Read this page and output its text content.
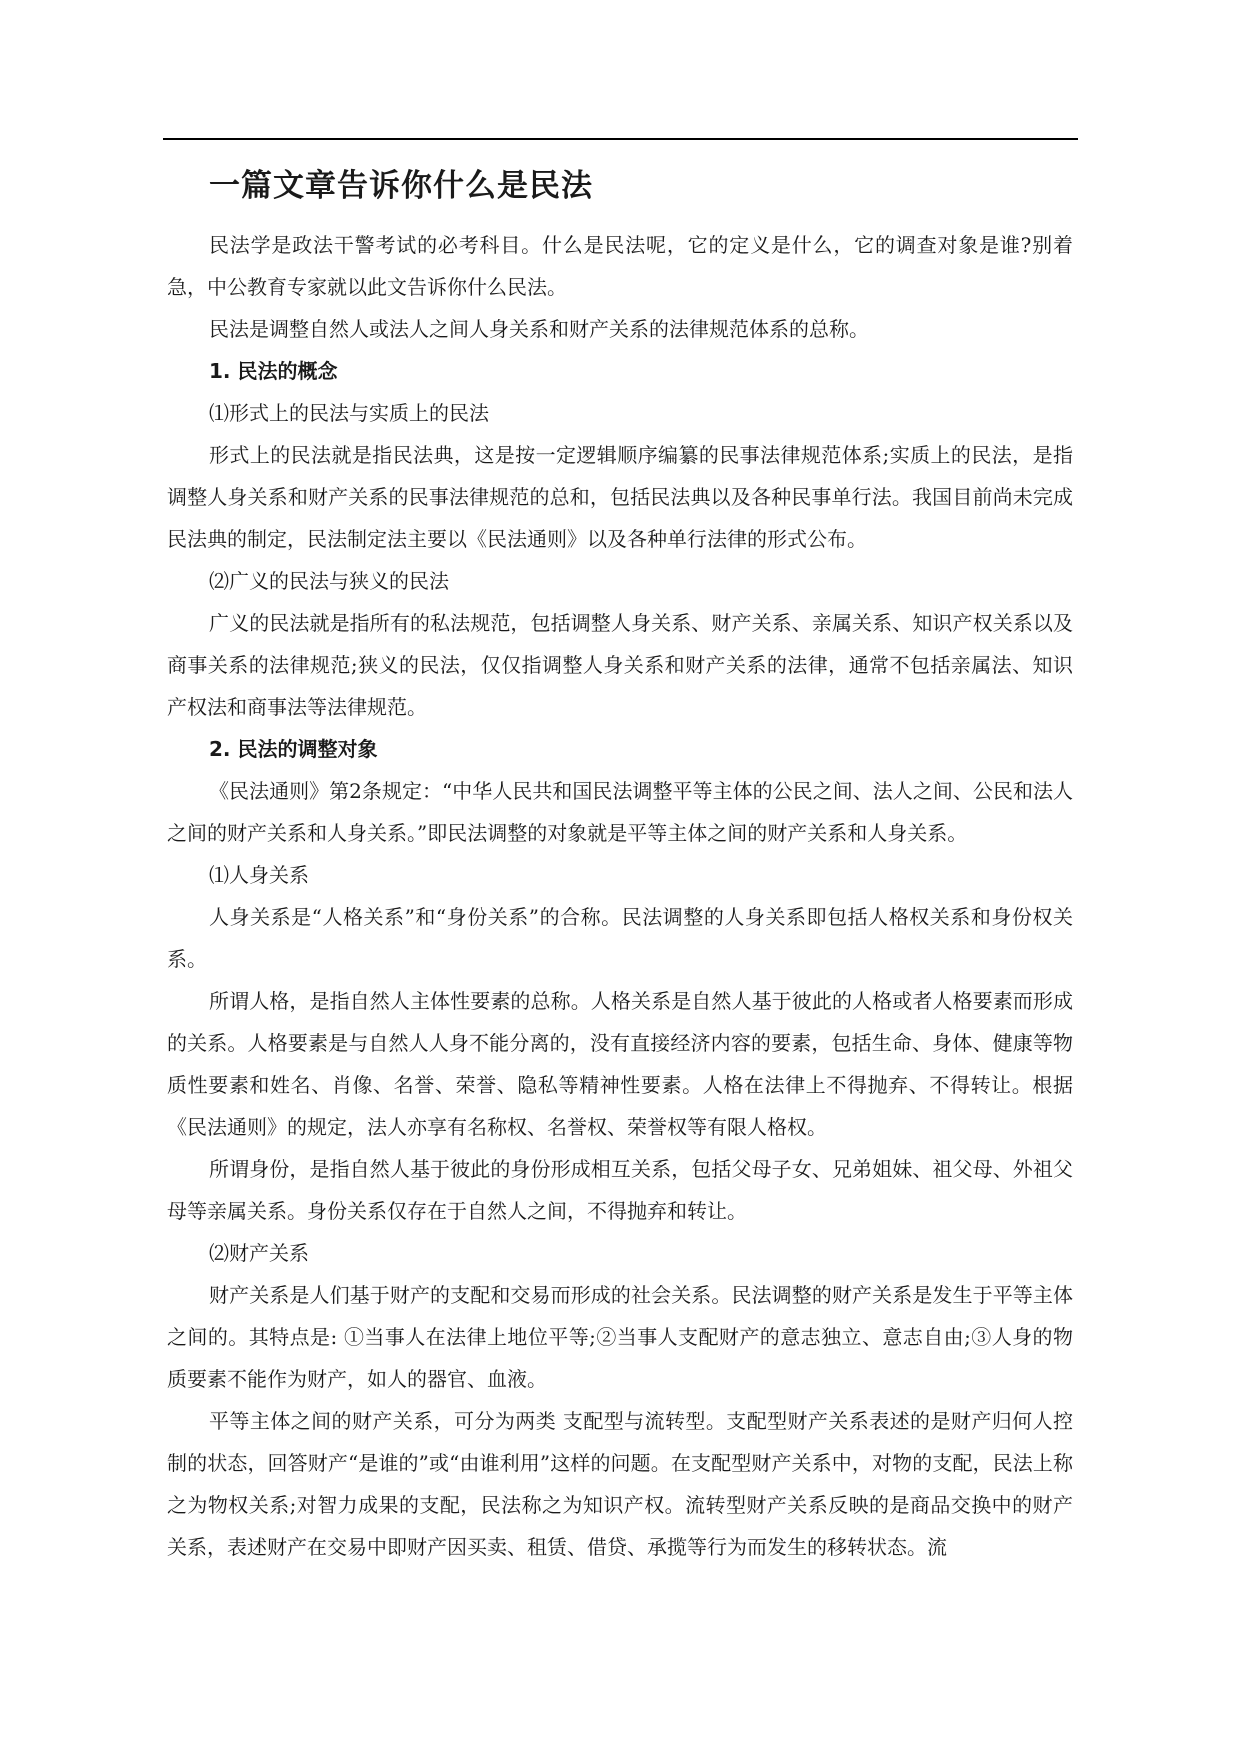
一篇文章告诉你什么是民法

民法学是政法干警考试的必考科目。什么是民法呢，它的定义是什么，它的调查对象是谁?别着急，中公教育专家就以此文告诉你什么民法。

民法是调整自然人或法人之间人身关系和财产关系的法律规范体系的总称。

1. 民法的概念

⑴形式上的民法与实质上的民法

形式上的民法就是指民法典，这是按一定逻辑顺序编纂的民事法律规范体系;实质上的民法，是指调整人身关系和财产关系的民事法律规范的总和，包括民法典以及各种民事单行法。我国目前尚未完成民法典的制定，民法制定法主要以《民法通则》以及各种单行法律的形式公布。

⑵广义的民法与狭义的民法

广义的民法就是指所有的私法规范，包括调整人身关系、财产关系、亲属关系、知识产权关系以及商事关系的法律规范;狭义的民法，仅仅指调整人身关系和财产关系的法律，通常不包括亲属法、知识产权法和商事法等法律规范。

2. 民法的调整对象

《民法通则》第2条规定：“中华人民共和国民法调整平等主体的公民之间、法人之间、公民和法人之间的财产关系和人身关系。”即民法调整的对象就是平等主体之间的财产关系和人身关系。

⑴人身关系

人身关系是“人格关系”和“身份关系”的合称。民法调整的人身关系即包括人格权关系和身份权关系。

所谓人格，是指自然人主体性要素的总称。人格关系是自然人基于彼此的人格或者人格要素而形成的关系。人格要素是与自然人人身不能分离的，没有直接经济内容的要素，包括生命、身体、健康等物质性要素和姓名、肖像、名誉、荣誉、隐私等精神性要素。人格在法律上不得抛弃、不得转让。根据《民法通则》的规定，法人亦享有名称权、名誉权、荣誉权等有限人格权。

所谓身份，是指自然人基于彼此的身份形成相互关系，包括父母子女、兄弟姐妹、祖父母、外祖父母等亲属关系。身份关系仅存在于自然人之间，不得抛弃和转让。

⑵财产关系

财产关系是人们基于财产的支配和交易而形成的社会关系。民法调整的财产关系是发生于平等主体之间的。其特点是: ①当事人在法律上地位平等;②当事人支配财产的意志独立、意志自由;③人身的物质要素不能作为财产，如人的器官、血液。

平等主体之间的财产关系，可分为两类 支配型与流转型。支配型财产关系表述的是财产归何人控制的状态，回答财产“是谁的”或“由谁利用”这样的问题。在支配型财产关系中，对物的支配，民法上称之为物权关系;对智力成果的支配，民法称之为知识产权。流转型财产关系反映的是商品交换中的财产关系，表述财产在交易中即财产因买卖、租赁、借贷、承揽等行为而发生的移转状态。流
